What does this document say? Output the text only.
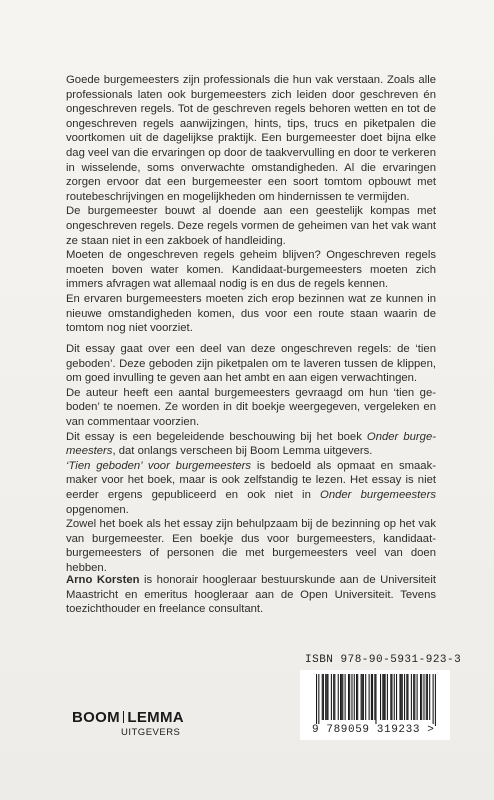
Goede burgemeesters zijn professionals die hun vak verstaan. Zoals alle professionals laten ook burgemeesters zich leiden door geschreven én ongeschreven regels. Tot de geschreven regels behoren wetten en tot de ongeschreven regels aanwijzingen, hints, tips, trucs en piketpalen die voortkomen uit de dagelijkse praktijk. Een burgemeester doet bijna elke dag veel van die ervaringen op door de taakvervulling en door te verkeren in wisselende, soms onverwachte omstandigheden. Al die ervaringen zorgen ervoor dat een burgemeester een soort tomtom opbouwt met routebeschrijvingen en mogelijkheden om hindernissen te vermijden.

De burgemeester bouwt al doende aan een geestelijk kompas met ongeschreven regels. Deze regels vormen de geheimen van het vak want ze staan niet in een zakboek of handleiding.

Moeten de ongeschreven regels geheim blijven? Ongeschreven regels moeten boven water komen. Kandidaat-burgemeesters moeten zich immers afvragen wat allemaal nodig is en dus de regels kennen.

En ervaren burgemeesters moeten zich erop bezinnen wat ze kunnen in nieuwe omstandigheden komen, dus voor een route staan waarin de tomtom nog niet voorziet.

Dit essay gaat over een deel van deze ongeschreven regels: de ‘tien geboden’. Deze geboden zijn piketpalen om te laveren tussen de klippen, om goed invulling te geven aan het ambt en aan eigen verwachtingen.

De auteur heeft een aantal burgemeesters gevraagd om hun ‘tien ge-boden’ te noemen. Ze worden in dit boekje weergegeven, vergeleken en van commentaar voorzien.

Dit essay is een begeleidende beschouwing bij het boek Onder burge-meesters, dat onlangs verscheen bij Boom Lemma uitgevers.

‘Tien geboden’ voor burgemeesters is bedoeld als opmaat en smaak-maker voor het boek, maar is ook zelfstandig te lezen. Het essay is niet eerder ergens gepubliceerd en ook niet in Onder burgemeesters opgenomen.

Zowel het boek als het essay zijn behulpzaam bij de bezinning op het vak van burgemeester. Een boekje dus voor burgemeesters, kandidaat-burgemeesters of personen die met burgemeesters veel van doen hebben.

Arno Korsten is honorair hoogleraar bestuurskunde aan de Universiteit Maastricht en emeritus hoogleraar aan de Open Universiteit. Tevens toezichthouder en freelance consultant.

ISBN 978-90-5931-923-3
9 789059 319233 >
BOOM LEMMA
UITGEVERS
